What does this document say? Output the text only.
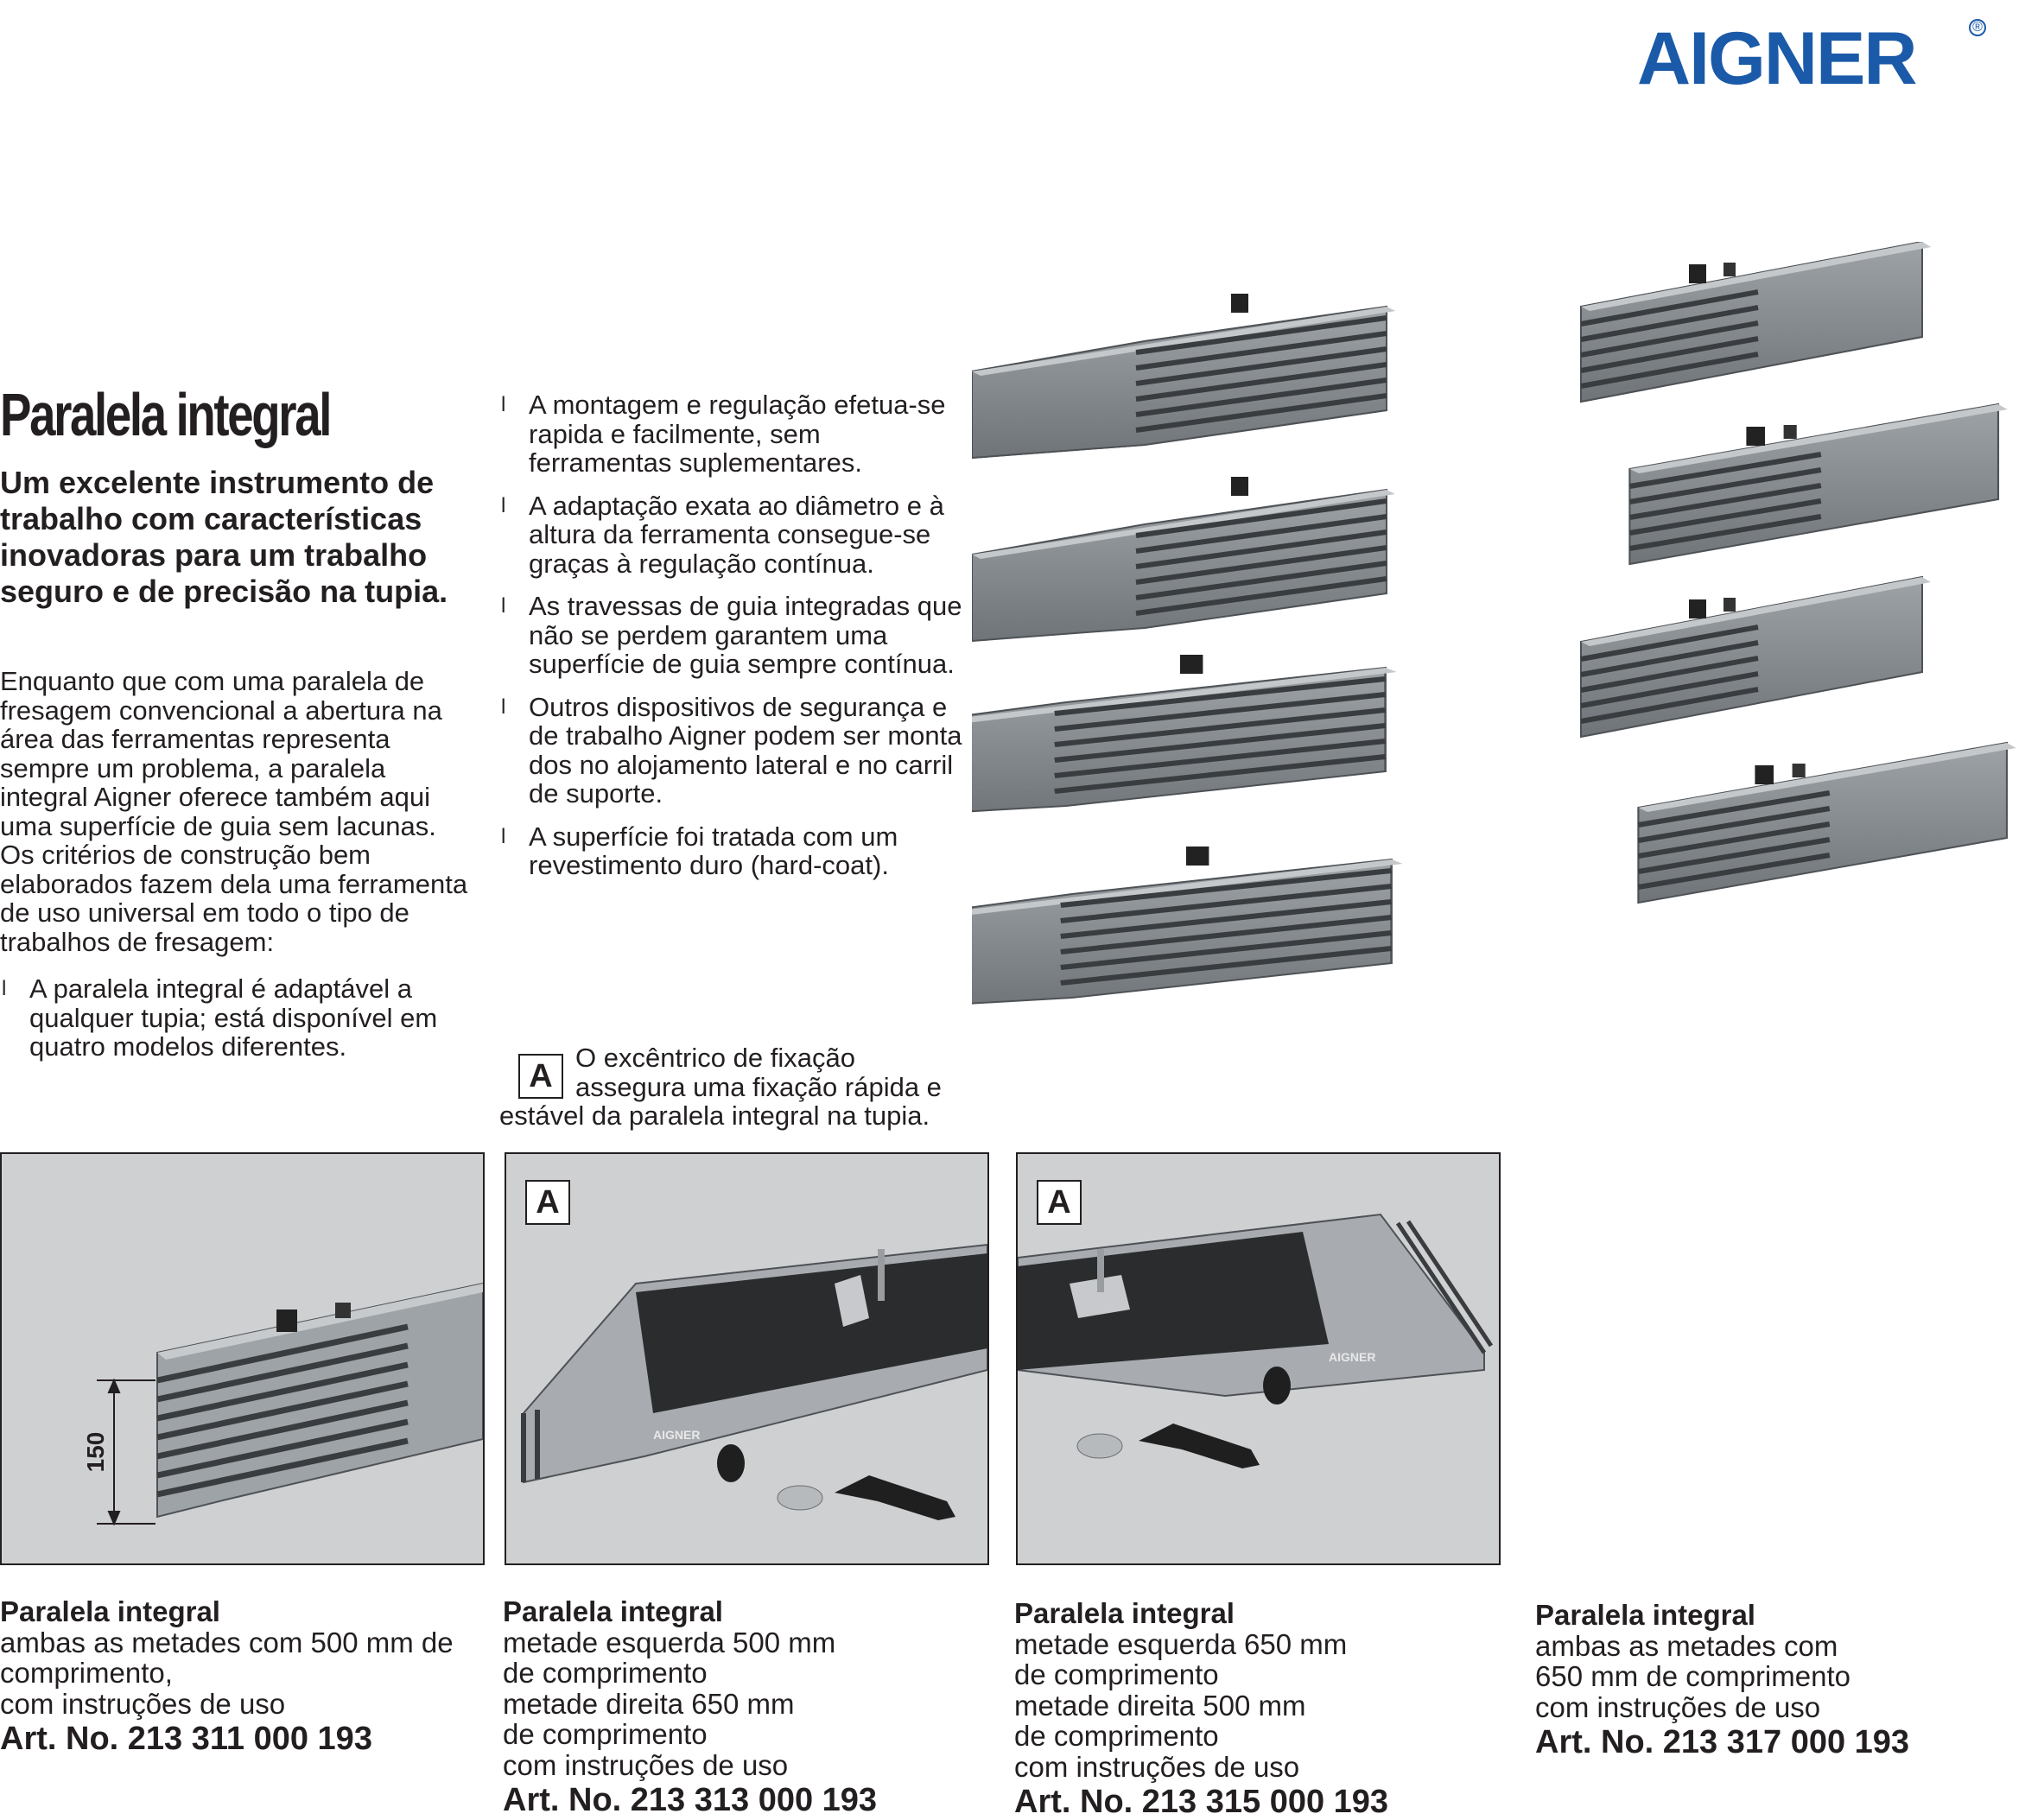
AIGNER	®
Paralela integral
Um excelente instrumento de trabalho com características inovadoras para um trabalho seguro e de precisão na tupia.
Enquanto que com uma paralela de fresagem convencional a abertura na área das ferramentas representa sempre um problema, a paralela integral Aigner oferece também aqui uma superfície de guia sem lacunas. Os critérios de construção bem elaborados fazem dela uma ferramenta de uso universal em todo o tipo de trabalhos de fresagem:
l A paralela integral é adaptável a qualquer tupia; está disponível em quatro modelos diferentes.
l A montagem e regulação efetua-se rapida e facilmente, sem ferramentas suplementares.
l A adaptação exata ao diâmetro e à altura da ferramenta consegue-se graças à regulação contínua.
l As travessas de guia integradas que não se perdem garantem uma superfície de guia sempre contínua.
l Outros dispositivos de segurança e de trabalho Aigner podem ser monta dos no alojamento lateral e no carril de suporte.
l A superfície foi tratada com um revestimento duro (hard-coat).
A
O excêntrico de fixação assegura uma fixação rápida e estável da paralela integral na tupia.
150
A
AIGNER
A
AIGNER
Paralela integral
ambas as metades com 500 mm de
comprimento,
com instruções de uso
Art. No. 213 311 000 193
Paralela integral
metade esquerda 500 mm
de comprimento
metade direita 650 mm
de comprimento
com instruções de uso
Art. No. 213 313 000 193
Paralela integral
metade esquerda 650 mm
de comprimento
metade direita 500 mm
de comprimento
com instruções de uso
Art. No. 213 315 000 193
Paralela integral
ambas as metades com
650 mm de comprimento
com instruções de uso
Art. No. 213 317 000 193
